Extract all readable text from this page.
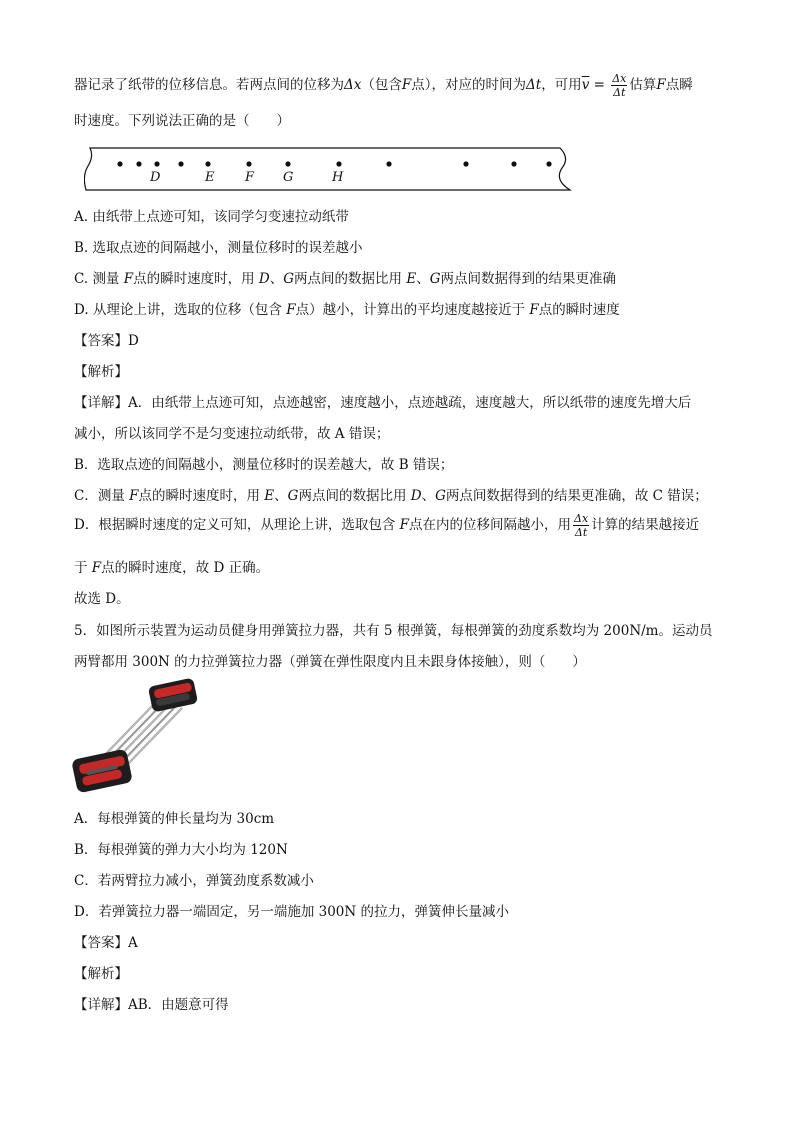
器记录了纸带的位移信息。若两点间的位移为Δx（包含F点），对应的时间为Δt，可用$\overline{v} = \frac{\Delta x}{\Delta t}$ 估算F点瞬
时速度。下列说法正确的是（　　）
D	E F G	H
A. 由纸带上点迹可知，该同学匀变速拉动纸带
B. 选取点迹的间隔越小，测量位移时的误差越小
C. 测量 F点的瞬时速度时，用 D、G两点间的数据比用 E、G两点间数据得到的结果更准确
D. 从理论上讲，选取的位移（包含 F点）越小，计算出的平均速度越接近于 F点的瞬时速度
【答案】D
【解析】
【详解】A．由纸带上点迹可知，点迹越密，速度越小，点迹越疏，速度越大，所以纸带的速度先增大后
减小，所以该同学不是匀变速拉动纸带，故 A 错误；
B．选取点迹的间隔越小，测量位移时的误差越大，故 B 错误；
C．测量 F点的瞬时速度时，用 E、G两点间的数据比用 D、G两点间数据得到的结果更准确，故 C 错误；
D．根据瞬时速度的定义可知，从理论上讲，选取包含 F点在内的位移间隔越小，用 $\frac{\Delta x}{\Delta t}$ 计算的结果越接近
于 F点的瞬时速度，故 D 正确。
故选 D。
5．如图所示装置为运动员健身用弹簧拉力器，共有 5 根弹簧，每根弹簧的劲度系数均为 200N/m。运动员
两臂都用 300N 的力拉弹簧拉力器（弹簧在弹性限度内且未跟身体接触），则（　　）
A．每根弹簧的伸长量均为 30cm
B．每根弹簧的弹力大小均为 120N
C．若两臂拉力减小，弹簧劲度系数减小
D．若弹簧拉力器一端固定，另一端施加 300N 的拉力，弹簧伸长量减小
【答案】A
【解析】
【详解】AB．由题意可得
